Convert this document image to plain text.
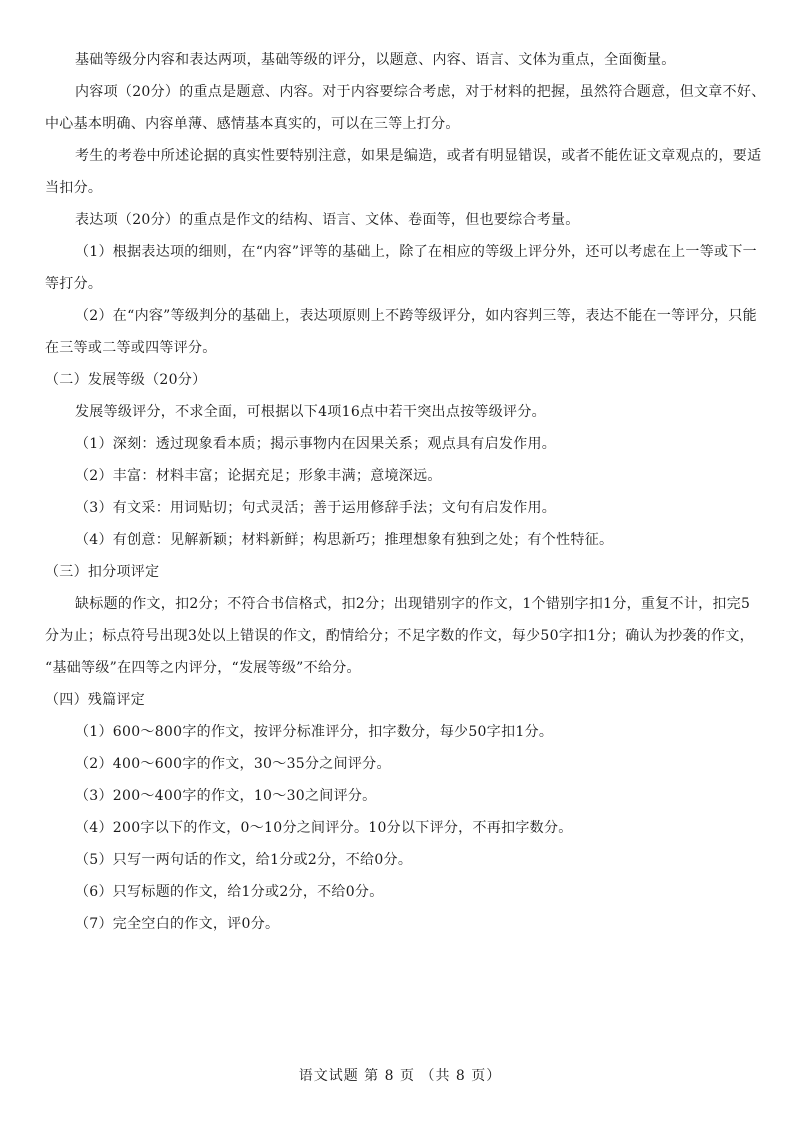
基础等级分内容和表达两项，基础等级的评分，以题意、内容、语言、文体为重点，全面衡量。
内容项（20分）的重点是题意、内容。对于内容要综合考虑，对于材料的把握，虽然符合题意，但文章不好、
中心基本明确、内容单薄、感情基本真实的，可以在三等上打分。
考生的考卷中所述论据的真实性要特别注意，如果是编造，或者有明显错误，或者不能佐证文章观点的，要适
当扣分。
表达项（20分）的重点是作文的结构、语言、文体、卷面等，但也要综合考量。
（1）根据表达项的细则，在“内容”评等的基础上，除了在相应的等级上评分外，还可以考虑在上一等或下一
等打分。
（2）在“内容”等级判分的基础上，表达项原则上不跨等级评分，如内容判三等，表达不能在一等评分，只能
在三等或二等或四等评分。
（二）发展等级（20分）
发展等级评分，不求全面，可根据以下4项16点中若干突出点按等级评分。
（1）深刻：透过现象看本质；揭示事物内在因果关系；观点具有启发作用。
（2）丰富：材料丰富；论据充足；形象丰满；意境深远。
（3）有文采：用词贴切；句式灵活；善于运用修辞手法；文句有启发作用。
（4）有创意：见解新颖；材料新鲜；构思新巧；推理想象有独到之处；有个性特征。
（三）扣分项评定
缺标题的作文，扣2分；不符合书信格式，扣2分；出现错别字的作文，1个错别字扣1分，重复不计，扣完5
分为止；标点符号出现3处以上错误的作文，酌情给分；不足字数的作文，每少50字扣1分；确认为抄袭的作文，
“基础等级”在四等之内评分，“发展等级”不给分。
（四）残篇评定
（1）600～800字的作文，按评分标准评分，扣字数分，每少50字扣1分。
（2）400～600字的作文，30～35分之间评分。
（3）200～400字的作文，10～30之间评分。
（4）200字以下的作文，0～10分之间评分。10分以下评分，不再扣字数分。
（5）只写一两句话的作文，给1分或2分，不给0分。
（6）只写标题的作文，给1分或2分，不给0分。
（7）完全空白的作文，评0分。
语文试题 第 8 页 （共 8 页）
